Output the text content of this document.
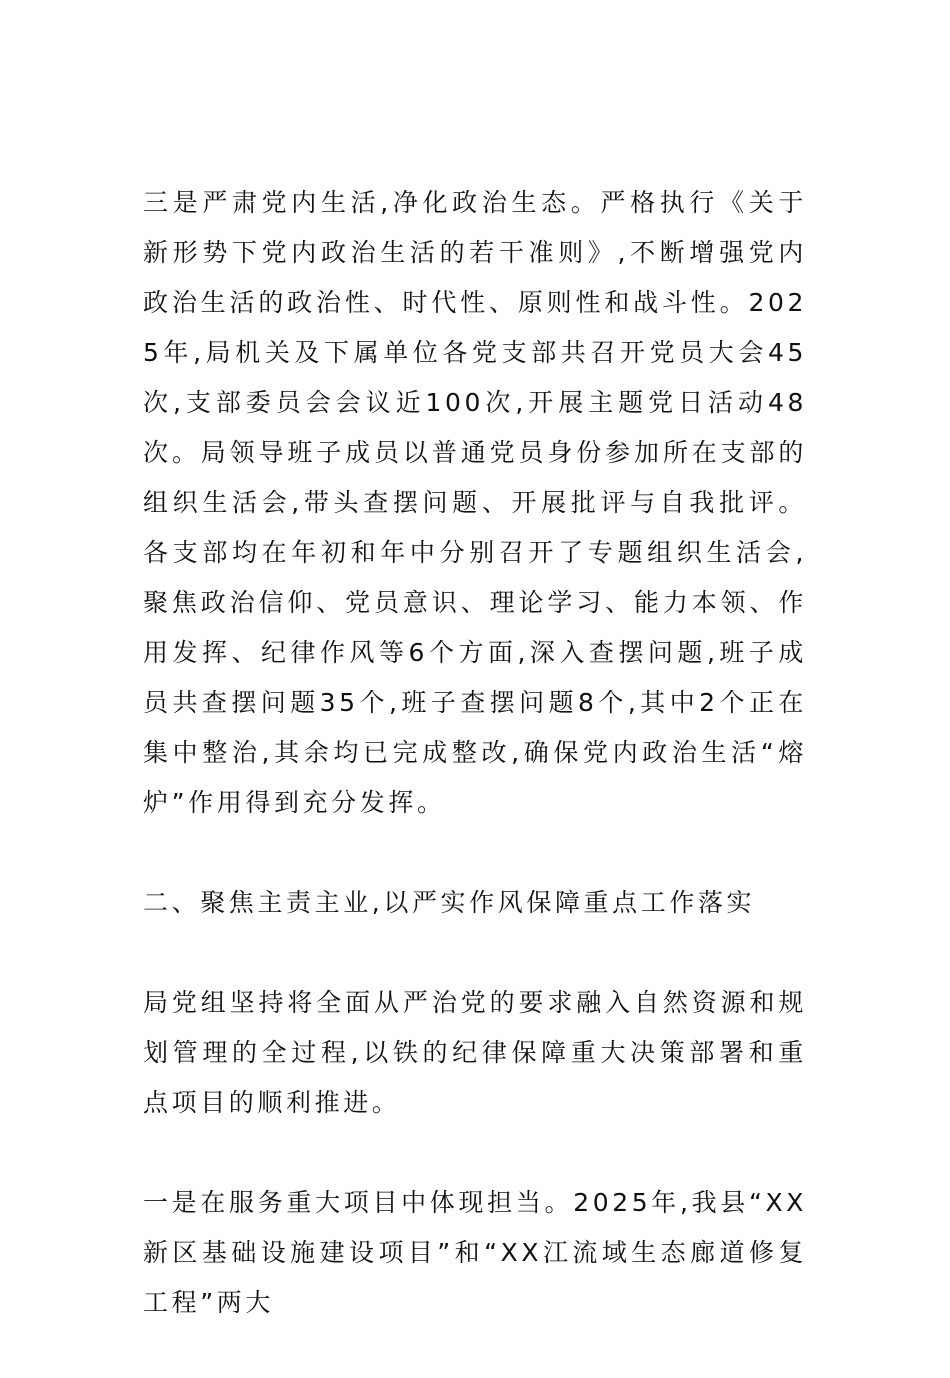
三是严肃党内生活,净化政治生态。严格执行《关于新形势下党内政治生活的若干准则》,不断增强党内政治生活的政治性、时代性、原则性和战斗性。2025年,局机关及下属单位各党支部共召开党员大会45次,支部委员会会议近100次,开展主题党日活动48次。局领导班子成员以普通党员身份参加所在支部的组织生活会,带头查摆问题、开展批评与自我批评。各支部均在年初和年中分别召开了专题组织生活会,聚焦政治信仰、党员意识、理论学习、能力本领、作用发挥、纪律作风等6个方面,深入查摆问题,班子成员共查摆问题35个,班子查摆问题8个,其中2个正在集中整治,其余均已完成整改,确保党内政治生活“熔炉”作用得到充分发挥。

二、聚焦主责主业,以严实作风保障重点工作落实

局党组坚持将全面从严治党的要求融入自然资源和规划管理的全过程,以铁的纪律保障重大决策部署和重点项目的顺利推进。

一是在服务重大项目中体现担当。2025年,我县“XX新区基础设施建设项目”和“XX江流域生态廊道修复工程”两大
